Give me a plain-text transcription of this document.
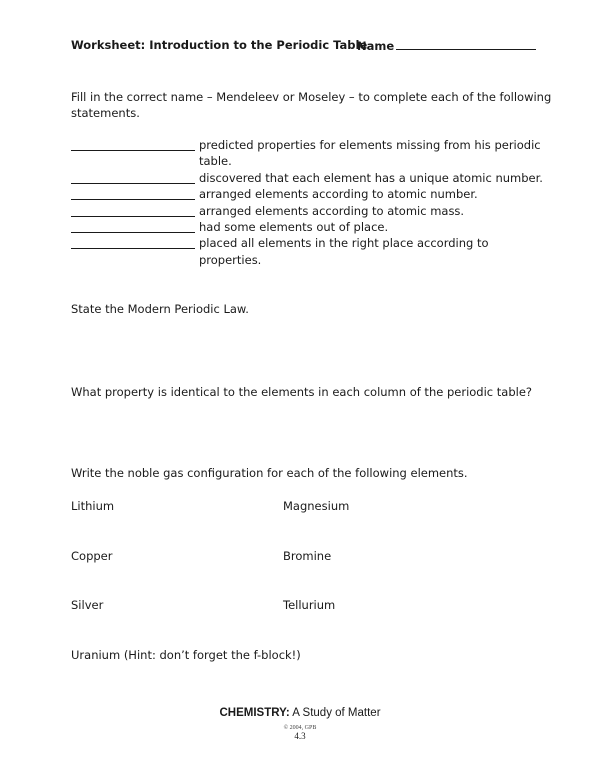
Worksheet: Introduction to the Periodic Table
Name
Fill in the correct name – Mendeleev or Moseley – to complete each of the following
statements.
predicted properties for elements missing from his periodic
table.
discovered that each element has a unique atomic number.
arranged elements according to atomic number.
arranged elements according to atomic mass.
had some elements out of place.
placed all elements in the right place according to
properties.
State the Modern Periodic Law.
What property is identical to the elements in each column of the periodic table?
Write the noble gas configuration for each of the following elements.
Lithium	Magnesium
Copper	Bromine
Silver	Tellurium
Uranium (Hint: don’t forget the f-block!)
CHEMISTRY: A Study of Matter
© 2004, GPB
4.3
